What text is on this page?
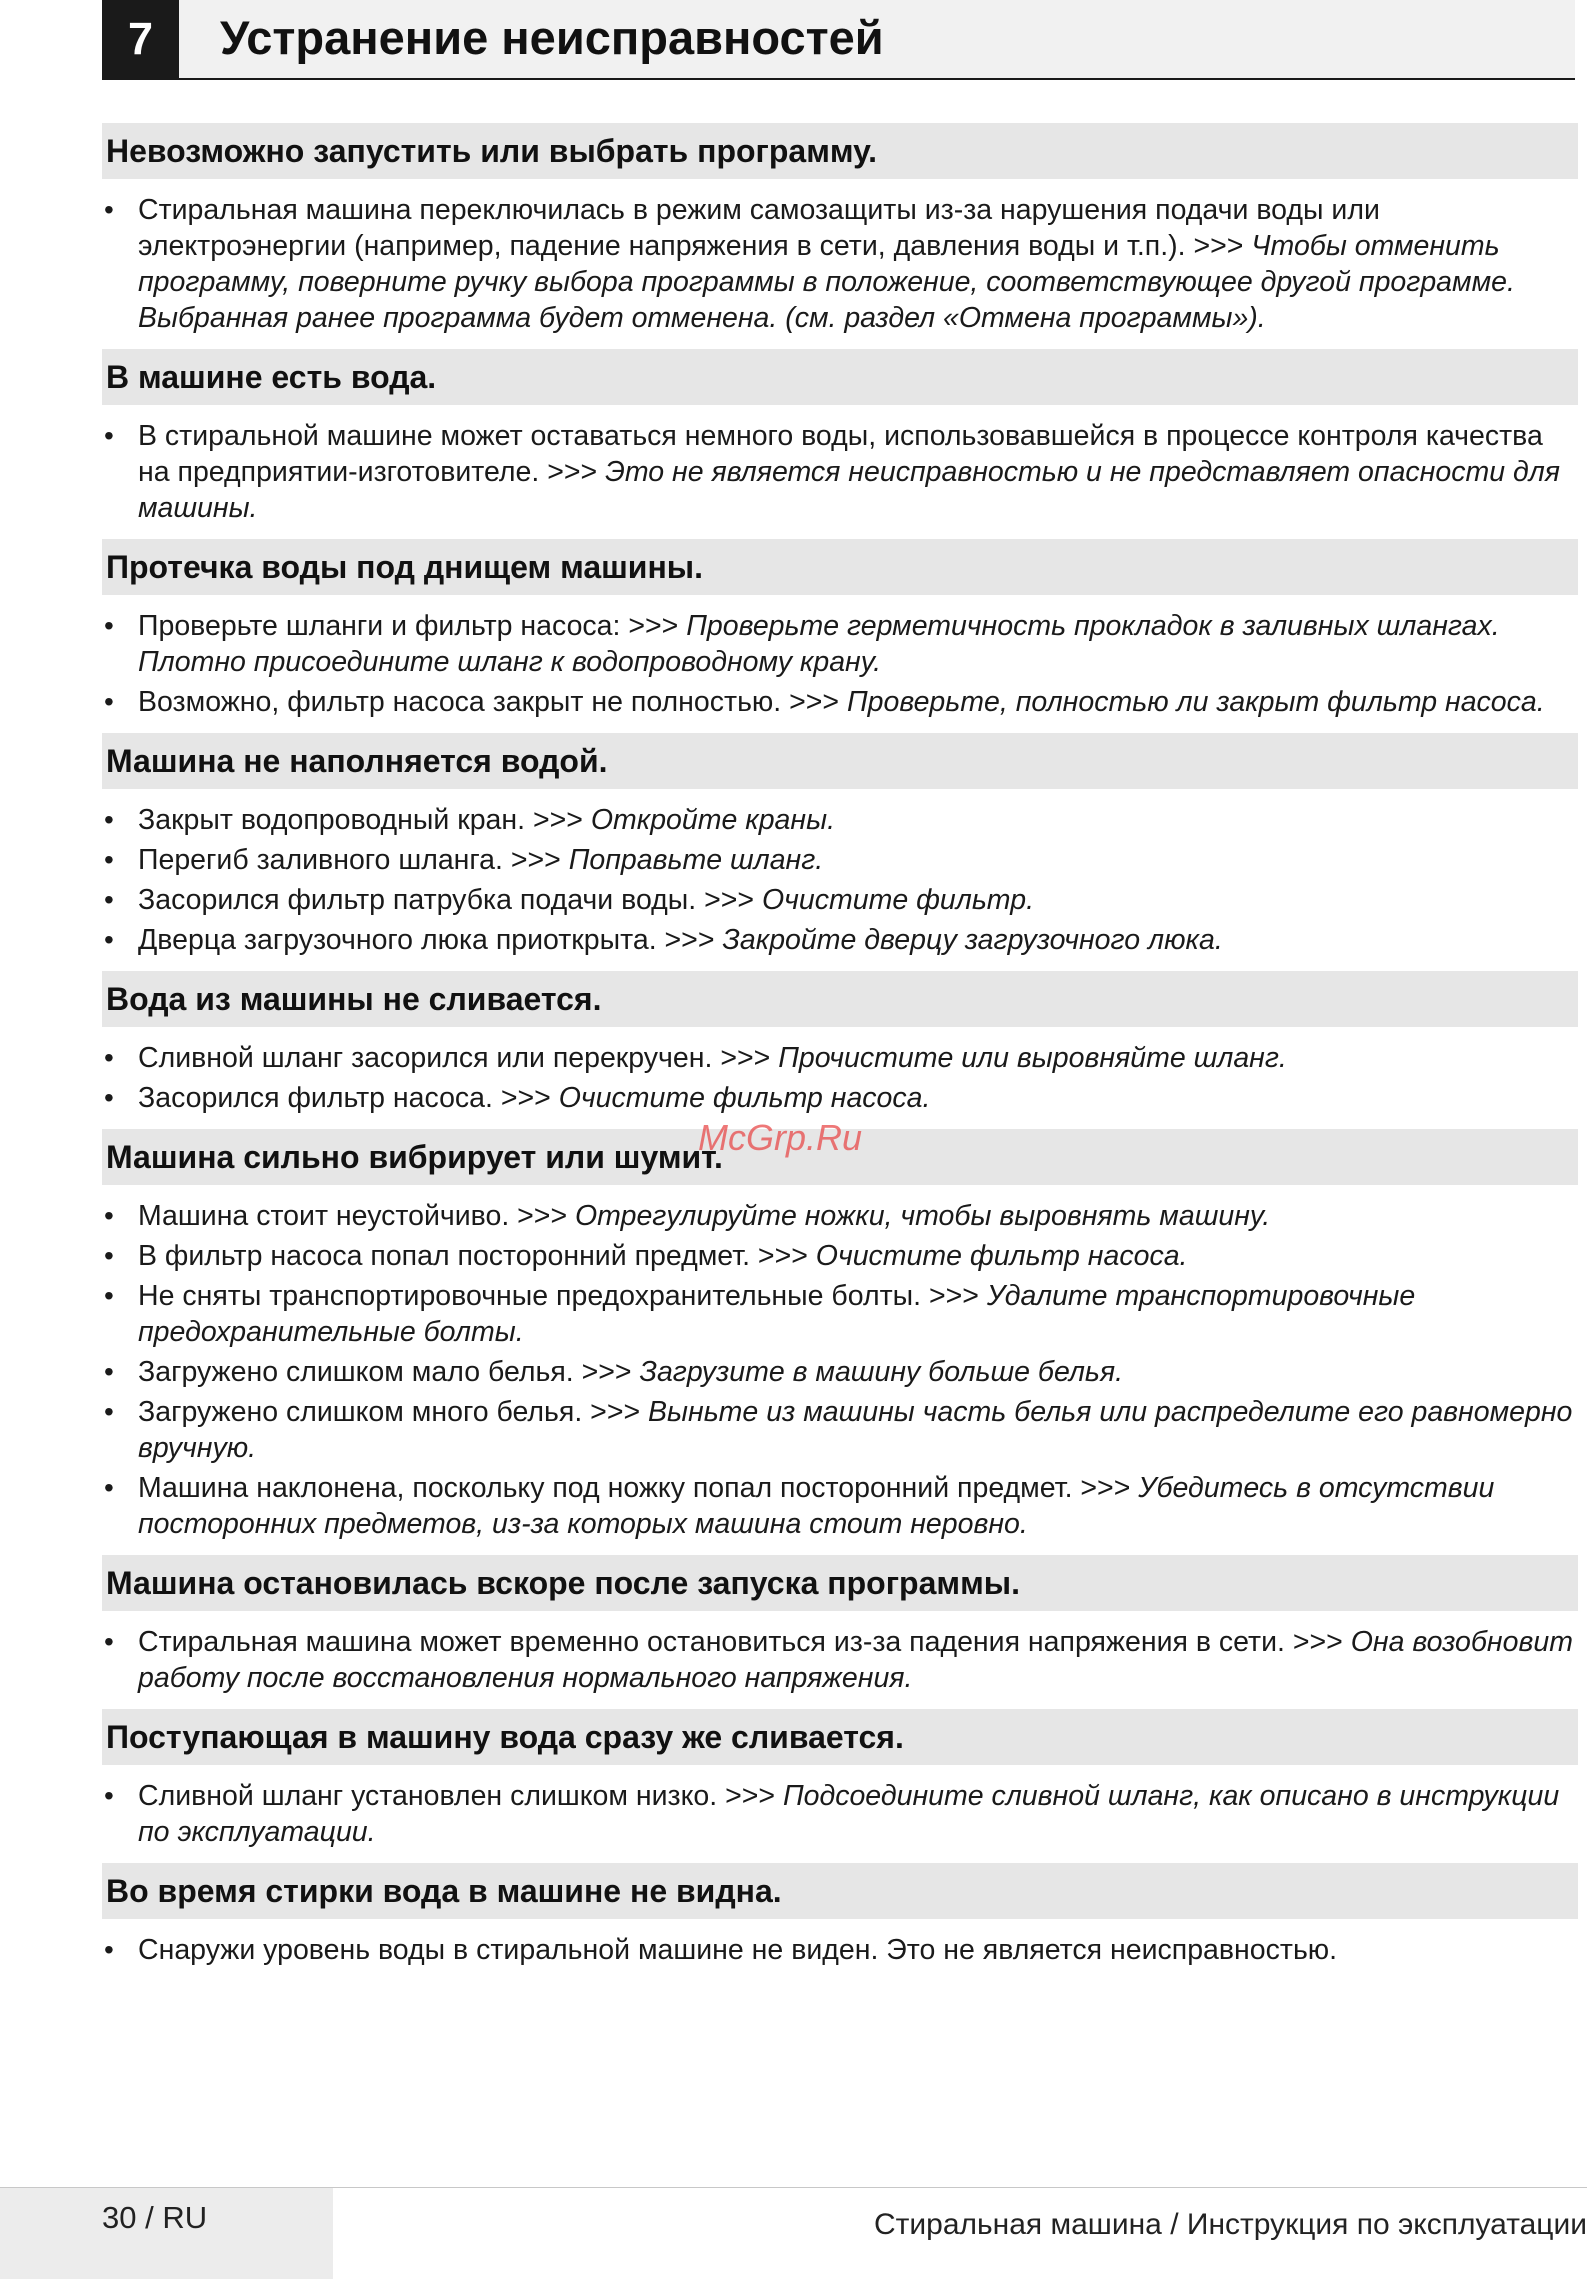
7	Устранение неисправностей
Невозможно запустить или выбрать программу.
• Стиральная машина переключилась в режим самозащиты из-за нарушения подачи воды или электроэнергии (например, падение напряжения в сети, давления воды и т.п.). >>> Чтобы отменить программу, поверните ручку выбора программы в положение, соответствующее другой программе. Выбранная ранее программа будет отменена. (см. раздел «Отмена программы»).
В машине есть вода.
• В стиральной машине может оставаться немного воды, использовавшейся в процессе контроля качества на предприятии-изготовителе. >>> Это не является неисправностью и не представляет опасности для машины.
Протечка воды под днищем машины.
• Проверьте шланги и фильтр насоса: >>> Проверьте герметичность прокладок в заливных шлангах. Плотно присоедините шланг к водопроводному крану.
• Возможно, фильтр насоса закрыт не полностью. >>> Проверьте, полностью ли закрыт фильтр насоса.
Машина не наполняется водой.
• Закрыт водопроводный кран. >>> Откройте краны.
• Перегиб заливного шланга. >>> Поправьте шланг.
• Засорился фильтр патрубка подачи воды. >>> Очистите фильтр.
• Дверца загрузочного люка приоткрыта. >>> Закройте дверцу загрузочного люка.
Вода из машины не сливается.
• Сливной шланг засорился или перекручен. >>> Прочистите или выровняйте шланг.
• Засорился фильтр насоса. >>> Очистите фильтр насоса.
Машина сильно вибрирует или шумит.
• Машина стоит неустойчиво. >>> Отрегулируйте ножки, чтобы выровнять машину.
• В фильтр насоса попал посторонний предмет. >>> Очистите фильтр насоса.
• Не сняты транспортировочные предохранительные болты. >>> Удалите транспортировочные предохранительные болты.
• Загружено слишком мало белья. >>> Загрузите в машину больше белья.
• Загружено слишком много белья. >>> Выньте из машины часть белья или распределите его равномерно вручную.
• Машина наклонена, поскольку под ножку попал посторонний предмет. >>> Убедитесь в отсутствии посторонних предметов, из-за которых машина стоит неровно.
Машина остановилась вскоре после запуска программы.
• Стиральная машина может временно остановиться из-за падения напряжения в сети. >>> Она возобновит работу после восстановления нормального напряжения.
Поступающая в машину вода сразу же сливается.
• Сливной шланг установлен слишком низко. >>> Подсоедините сливной шланг, как описано в инструкции по эксплуатации.
Во время стирки вода в машине не видна.
• Снаружи уровень воды в стиральной машине не виден. Это не является неисправностью.
McGrp.Ru
30 / RU	Стиральная машина / Инструкция по эксплуатации
